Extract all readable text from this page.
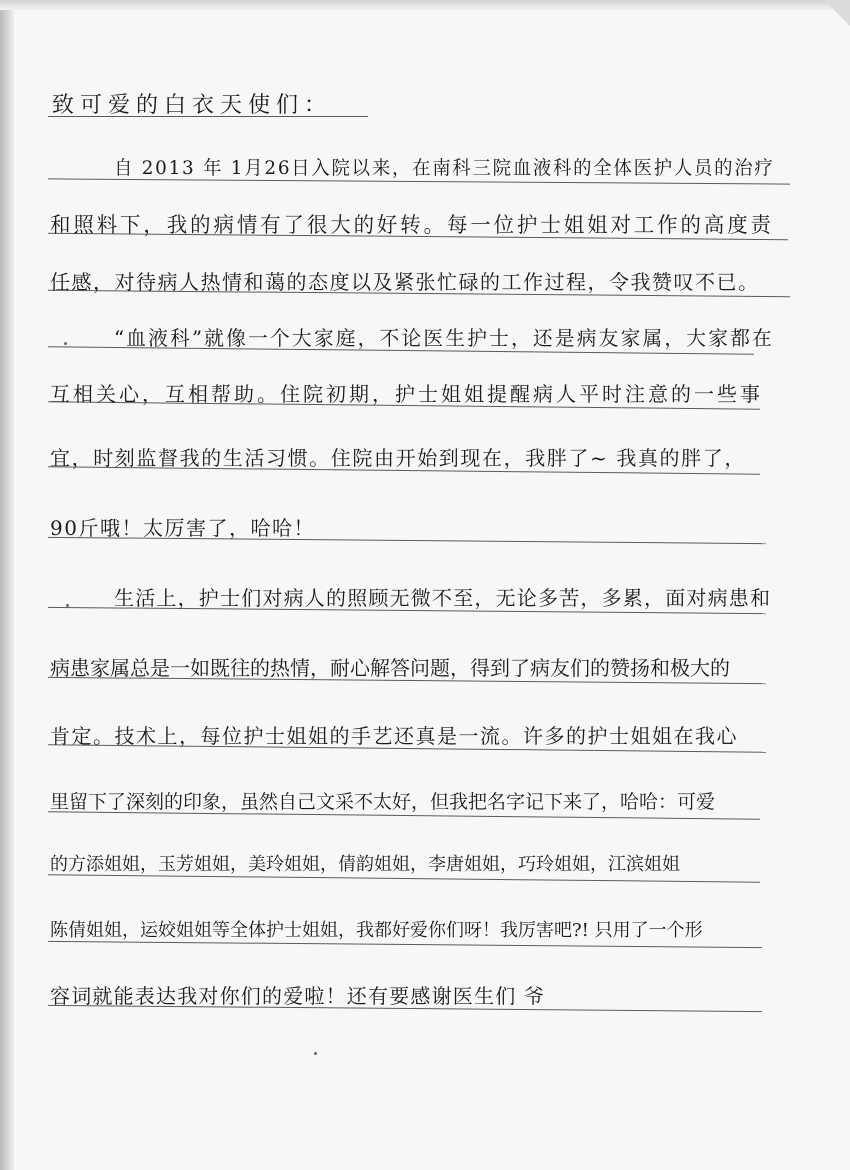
致可爱的白衣天使们：
自 2013 年 1月26日入院以来，在南科三院血液科的全体医护人员的治疗
和照料下，我的病情有了很大的好转。每一位护士姐姐对工作的高度责
任感，对待病人热情和蔼的态度以及紧张忙碌的工作过程，令我赞叹不已。
“血液科”就像一个大家庭，不论医生护士，还是病友家属，大家都在
互相关心，互相帮助。住院初期，护士姐姐提醒病人平时注意的一些事
宜，时刻监督我的生活习惯。住院由开始到现在，我胖了~ 我真的胖了，
90斤哦！太厉害了，哈哈！
生活上，护士们对病人的照顾无微不至，无论多苦，多累，面对病患和
病患家属总是一如既往的热情，耐心解答问题，得到了病友们的赞扬和极大的
肯定。技术上，每位护士姐姐的手艺还真是一流。许多的护士姐姐在我心
里留下了深刻的印象，虽然自己文采不太好，但我把名字记下来了，哈哈：可爱
的方添姐姐，玉芳姐姐，美玲姐姐，倩韵姐姐，李唐姐姐，巧玲姐姐，江滨姐姐
陈倩姐姐，运姣姐姐等全体护士姐姐，我都好爱你们呀！我厉害吧?! 只用了一个形
容词就能表达我对你们的爱啦！还有要感谢医生们 爷
